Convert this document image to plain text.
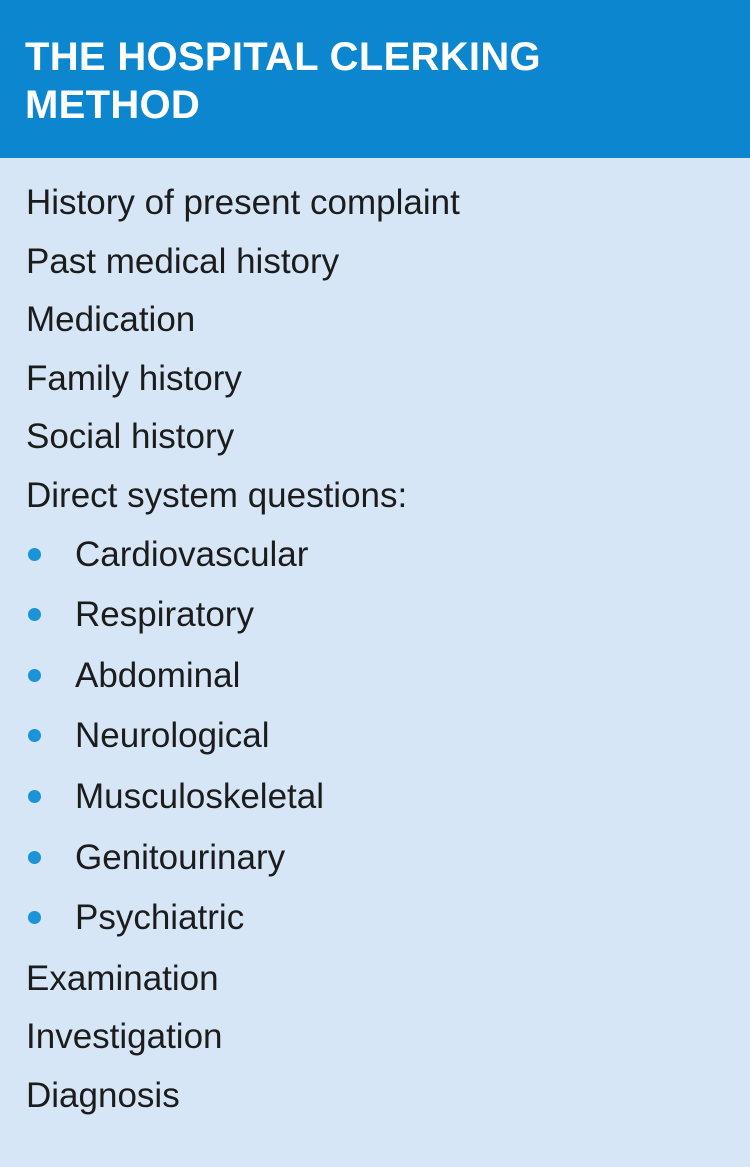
THE HOSPITAL CLERKING METHOD
History of present complaint
Past medical history
Medication
Family history
Social history
Direct system questions:
Cardiovascular
Respiratory
Abdominal
Neurological
Musculoskeletal
Genitourinary
Psychiatric
Examination
Investigation
Diagnosis
